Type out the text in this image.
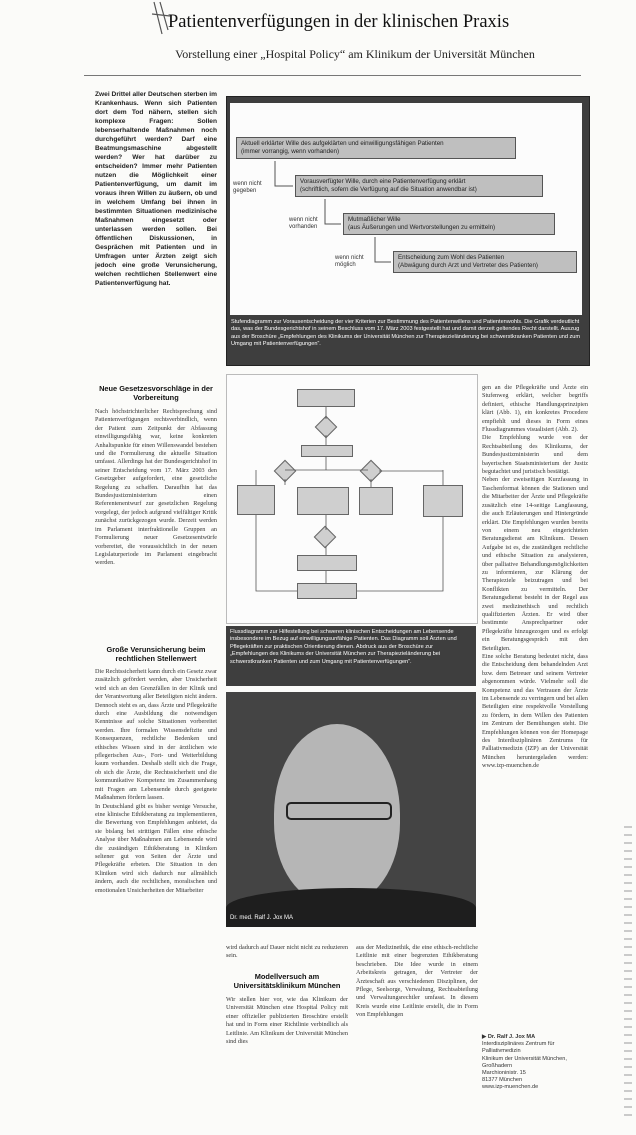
Patientenverfügungen in der klinischen Praxis
Vorstellung einer „Hospital Policy“ am Klinikum der Universität München
Zwei Drittel aller Deutschen sterben im Krankenhaus. Wenn sich Patienten dort dem Tod nähern, stellen sich komplexe Fragen: Sollen lebenserhaltende Maßnahmen noch durchgeführt werden? Darf eine Beatmungsmaschine abgestellt werden? Wer hat darüber zu entscheiden? Immer mehr Patienten nutzen die Möglichkeit einer Patientenverfügung, um damit im voraus ihren Willen zu äußern, ob und in welchem Umfang bei ihnen in bestimmten Situationen medizinische Maßnahmen eingesetzt oder unterlassen werden sollen. Bei öffentlichen Diskussionen, in Gesprächen mit Patienten und in Umfragen unter Ärzten zeigt sich jedoch eine große Verunsicherung, welchen rechtlichen Stellenwert eine Patientenverfügung hat.
Aktuell erklärter Wille des aufgeklärten und einwilligungsfähigen Patienten
(immer vorrangig, wenn vorhanden)
wenn nicht gegeben
Vorausverfügter Wille, durch eine Patientenverfügung erklärt
(schriftlich, sofern die Verfügung auf die Situation anwendbar ist)
wenn nicht vorhanden
Mutmaßlicher Wille
(aus Äußerungen und Wertvorstellungen zu ermitteln)
wenn nicht möglich
Entscheidung zum Wohl des Patienten
(Abwägung durch Arzt und Vertreter des Patienten)
Stufendiagramm zur Vorausentscheidung der vier Kriterien zur Bestimmung des Patientenwillens und Patientenwohls. Die Grafik verdeutlicht das, was der Bundesgerichtshof in seinem Beschluss vom 17. März 2003 festgestellt hat und damit derzeit geltendes Recht darstellt. Auszug aus der Broschüre „Empfehlungen des Klinikums der Universität München zur Therapiezieländerung bei schwerstkranken Patienten und zum Umgang mit Patientenverfügungen“.
Neue Gesetzesvorschläge in der Vorbereitung
Nach höchstrichterlicher Rechtsprechung sind Patientenverfügungen rechtsverbindlich, wenn der Patient zum Zeitpunkt der Abfassung einwilligungsfähig war, keine konkreten Anhaltspunkte für einen Willenswandel bestehen und die Formulierung die aktuelle Situation umfasst. Allerdings hat der Bundesgerichtshof in seiner Entscheidung vom 17. März 2003 den Gesetzgeber aufgefordert, eine gesetzliche Regelung zu schaffen. Daraufhin hat das Bundesjustizministerium einen Referentenentwurf zur gesetzlichen Regelung vorgelegt, der jedoch aufgrund vielfältiger Kritik zunächst zurückgezogen wurde. Derzeit werden im Parlament interfraktionelle Gruppen an Formulierung neuer Gesetzesentwürfe vorbereitet, die voraussichtlich in der neuen Legislaturperiode im Parlament eingebracht werden.
Große Verunsicherung beim rechtlichen Stellenwert
Die Rechtssicherheit kann durch ein Gesetz zwar zusätzlich gefördert werden, aber Unsicherheit wird sich an den Grenzfällen in der Klinik und der Verantwortung aller Beteiligten nicht ändern. Dennoch steht es an, dass Ärzte und Pflegekräfte durch eine Ausbildung die notwendigen Kenntnisse auf solche Situationen vorbereitet werden. Ihre formalen Wissensdefizite und Konsequenzen, rechtliche Bedenken und ethisches Wissen sind in der ärztlichen wie pflegerischen Aus-, Fort- und Weiterbildung kaum vorhanden. Deshalb stellt sich die Frage, ob sich die Ärzte, die Rechtssicherheit und die kommunikative Kompetenz im Zusammenhang mit Fragen am Lebensende durch geeignete Maßnahmen fördern lassen.
In Deutschland gibt es bisher wenige Versuche, eine klinische Ethikberatung zu implementieren, die Bewertung von Empfehlungen anbietet, da sie bislang bei strittigen Fällen eine ethische Analyse über Maßnahmen am Lebensende wird die zuständigen Ethikberatung in Kliniken seltener gut von Seiten der Ärzte und Pflegekräfte erbeten. Die Situation in den Kliniken wird sich dadurch nur allmählich ändern, auch die rechtlichen, moralischen und emotionalen Unsicherheiten der Mitarbeiter
Flussdiagramm zur Hilfestellung bei schweren klinischen Entscheidungen am Lebensende insbesondere im Bezug auf einwilligungsunfähige Patienten. Das Diagramm soll Ärzten und Pflegekräften zur praktischen Orientierung dienen. Abdruck aus der Broschüre zur „Empfehlungen des Klinikums der Universität München zur Therapiezieländerung bei schwerstkranken Patienten und zum Umgang mit Patientenverfügungen“.
Dr. med. Ralf J. Jox MA
gen an die Pflegekräfte und Ärzte ein Stufenweg erklärt, welcher begriffs definiert, ethische Handlungsprinzipien klärt (Abb. 1), ein konkretes Procedere empfiehlt und dieses in Form eines Flussdiagrammes visualisiert (Abb. 2).
Die Empfehlung wurde von der Rechtsabteilung des Klinikums, der Bundesjustizministerin und dem bayerischen Staatsministerium der Justiz begutachtet und juristisch bestätigt.
Neben der zweiseitigen Kurzfassung in Taschenformat können die Stationen und die Mitarbeiter der Ärzte und Pflegekräfte zusätzlich eine 14-seitige Langfassung, die auch Erläuterungen und Hintergründe erklärt. Die Empfehlungen wurden bereits von einem neu eingerichteten Beratungsdienst am Klinikum. Dessen Aufgabe ist es, die zuständigen rechtliche und ethische Situation zu analysieren, über palliative Behandlungsmöglichkeiten zu informieren, zur Klärung der Therapieziele beizutragen und bei Konflikten zu vermitteln. Der Beratungsdienst besteht in der Regel aus zwei medizinethisch und rechtlich qualifizierten Ärzten. Er wird über bestimmte Ansprechpartner oder Pflegekräfte hinzugezogen und es erfolgt ein Beratungsgespräch mit den Beteiligten.
Eine solche Beratung bedeutet nicht, dass die Entscheidung dem behandelnden Arzt bzw. dem Betreuer und seinem Vertreter abgenommen würde. Vielmehr soll die Kompetenz und das Vertrauen der Ärzte im Lebensende zu verringern und bei allen Beteiligten eine respektvolle Vorstellung zu fördern, in dem Willen des Patienten im Zentrum der Bemühungen steht. Die Empfehlungen können von der Homepage des Interdisziplinären Zentrums für Palliativmedizin (IZP) an der Universität München heruntergeladen werden: www.izp-muenchen.de
wird dadurch auf Dauer nicht nicht zu reduzieren sein.
Modellversuch am Universitätsklinikum München
Wir stellen hier vor, wie das Klinikum der Universität München eine Hospital Policy mit einer offizieller publizierten Broschüre erstellt hat und in Form einer Richtlinie verbindlich als Leitlinie. Am Klinikum der Universität München sind dies
aus der Medizinethik, die eine ethisch-rechtliche Leitlinie mit einer begrenzten Ethikberatung beschrieben. Die Idee wurde in einem Arbeitskreis getragen, der Vertreter der Ärzteschaft aus verschiedenen Disziplinen, der Pflege, Seelsorge, Verwaltung, Rechtsabteilung und Verwaltungsrechtler umfasst. In diesem Kreis wurde eine Leitlinie erstellt, die in Form von Empfehlungen
▶ Dr. Ralf J. Jox MA
Interdisziplinäres Zentrum für Palliativmedizin
Klinikum der Universität München, Großhadern
Marchioninistr. 15
81377 München
www.izp-muenchen.de
